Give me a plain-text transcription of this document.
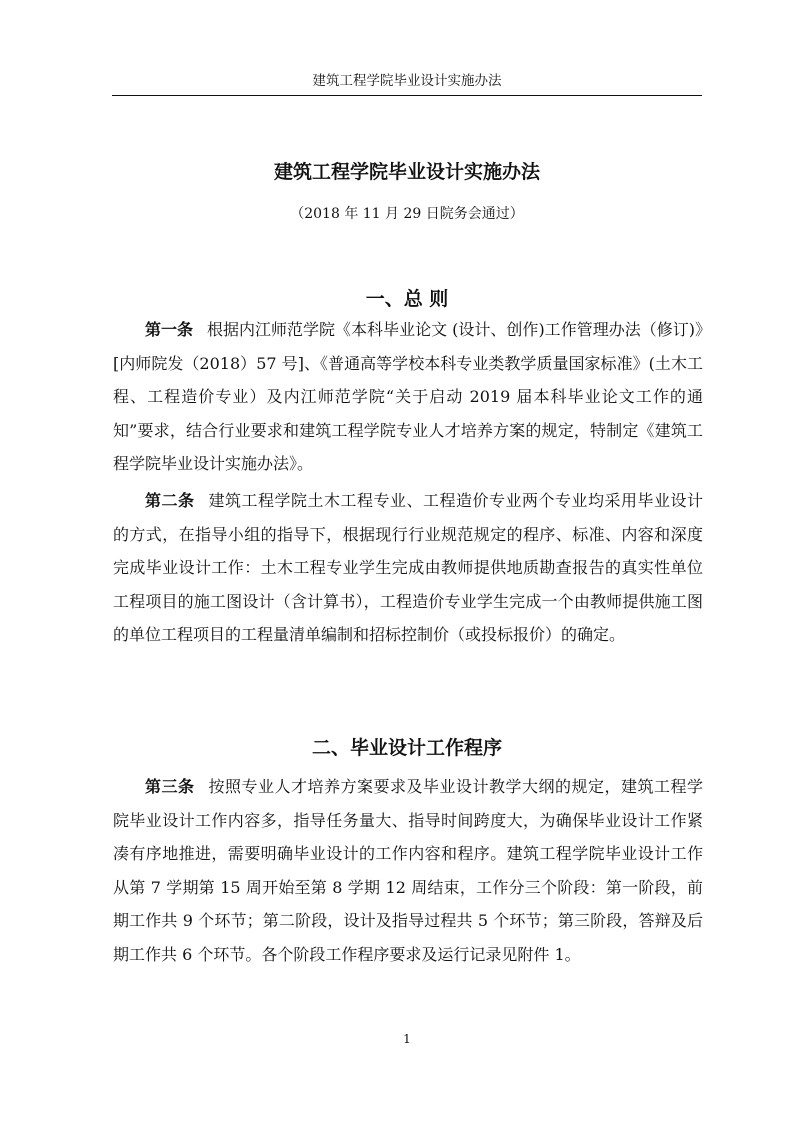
建筑工程学院毕业设计实施办法
建筑工程学院毕业设计实施办法
（2018 年 11 月 29 日院务会通过）
一、总 则

第一条 根据内江师范学院《本科毕业论文 (设计、创作)工作管理办法（修订)》[内师院发（2018）57 号]、《普通高等学校本科专业类教学质量国家标准》(土木工程、工程造价专业）及内江师范学院“关于启动 2019 届本科毕业论文工作的通知”要求，结合行业要求和建筑工程学院专业人才培养方案的规定，特制定《建筑工程学院毕业设计实施办法》。

第二条 建筑工程学院土木工程专业、工程造价专业两个专业均采用毕业设计的方式，在指导小组的指导下，根据现行行业规范规定的程序、标准、内容和深度完成毕业设计工作：土木工程专业学生完成由教师提供地质勘查报告的真实性单位工程项目的施工图设计（含计算书），工程造价专业学生完成一个由教师提供施工图的单位工程项目的工程量清单编制和招标控制价（或投标报价）的确定。

二、毕业设计工作程序

第三条 按照专业人才培养方案要求及毕业设计教学大纲的规定，建筑工程学院毕业设计工作内容多，指导任务量大、指导时间跨度大，为确保毕业设计工作紧凑有序地推进，需要明确毕业设计的工作内容和程序。建筑工程学院毕业设计工作从第 7 学期第 15 周开始至第 8 学期 12 周结束，工作分三个阶段：第一阶段，前期工作共 9 个环节；第二阶段，设计及指导过程共 5 个环节；第三阶段，答辩及后期工作共 6 个环节。各个阶段工作程序要求及运行记录见附件 1。

1
